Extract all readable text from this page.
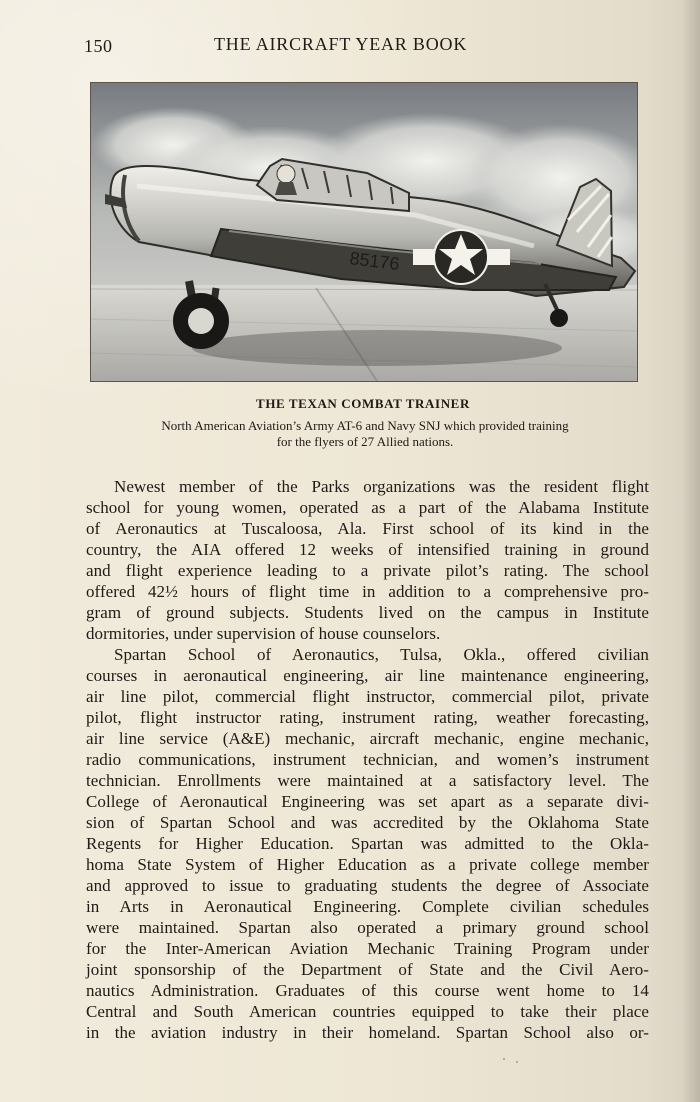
150	THE AIRCRAFT YEAR BOOK
85176
THE TEXAN COMBAT TRAINER
North American Aviation’s Army AT-6 and Navy SNJ which provided training
for the flyers of 27 Allied nations.
Newest member of the Parks organizations was the resident flight
school for young women, operated as a part of the Alabama Institute
of Aeronautics at Tuscaloosa, Ala. First school of its kind in the
country, the AIA offered 12 weeks of intensified training in ground
and flight experience leading to a private pilot’s rating. The school
offered 42½ hours of flight time in addition to a comprehensive pro-
gram of ground subjects. Students lived on the campus in Institute
dormitories, under supervision of house counselors.
Spartan School of Aeronautics, Tulsa, Okla., offered civilian
courses in aeronautical engineering, air line maintenance engineering,
air line pilot, commercial flight instructor, commercial pilot, private
pilot, flight instructor rating, instrument rating, weather forecasting,
air line service (A&E) mechanic, aircraft mechanic, engine mechanic,
radio communications, instrument technician, and women’s instrument
technician. Enrollments were maintained at a satisfactory level. The
College of Aeronautical Engineering was set apart as a separate divi-
sion of Spartan School and was accredited by the Oklahoma State
Regents for Higher Education. Spartan was admitted to the Okla-
homa State System of Higher Education as a private college member
and approved to issue to graduating students the degree of Associate
in Arts in Aeronautical Engineering. Complete civilian schedules
were maintained. Spartan also operated a primary ground school
for the Inter-American Aviation Mechanic Training Program under
joint sponsorship of the Department of State and the Civil Aero-
nautics Administration. Graduates of this course went home to 14
Central and South American countries equipped to take their place
in the aviation industry in their homeland. Spartan School also or-
